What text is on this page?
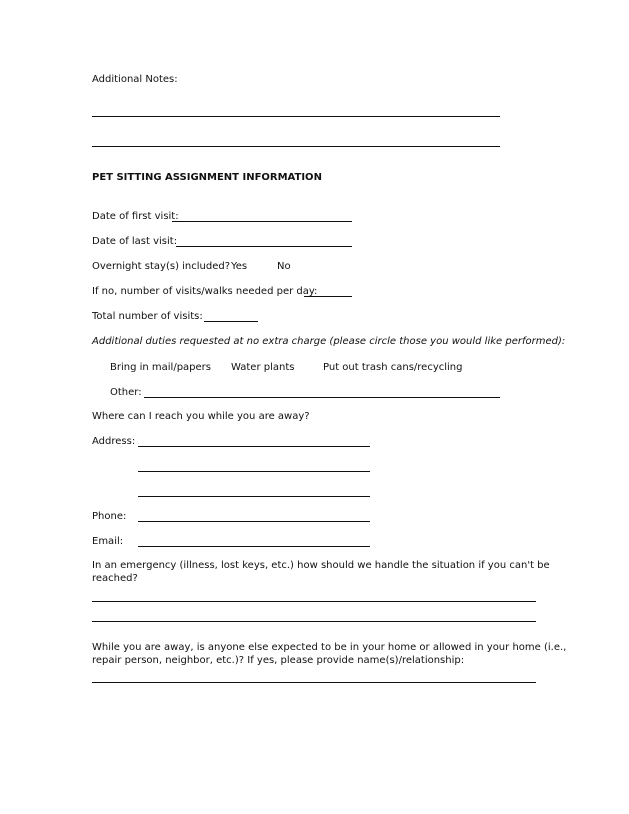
Additional Notes:
PET SITTING ASSIGNMENT INFORMATION
Date of first visit:
Date of last visit:
Overnight stay(s) included? Yes	No
If no, number of visits/walks needed per day:
Total number of visits:
Additional duties requested at no extra charge (please circle those you would like performed):
Bring in mail/papers Water plants	Put out trash cans/recycling
Other:
Where can I reach you while you are away?
Address:
Phone:
Email:
In an emergency (illness, lost keys, etc.) how should we handle the situation if you can't be
reached?
While you are away, is anyone else expected to be in your home or allowed in your home (i.e.,
repair person, neighbor, etc.)? If yes, please provide name(s)/relationship:
